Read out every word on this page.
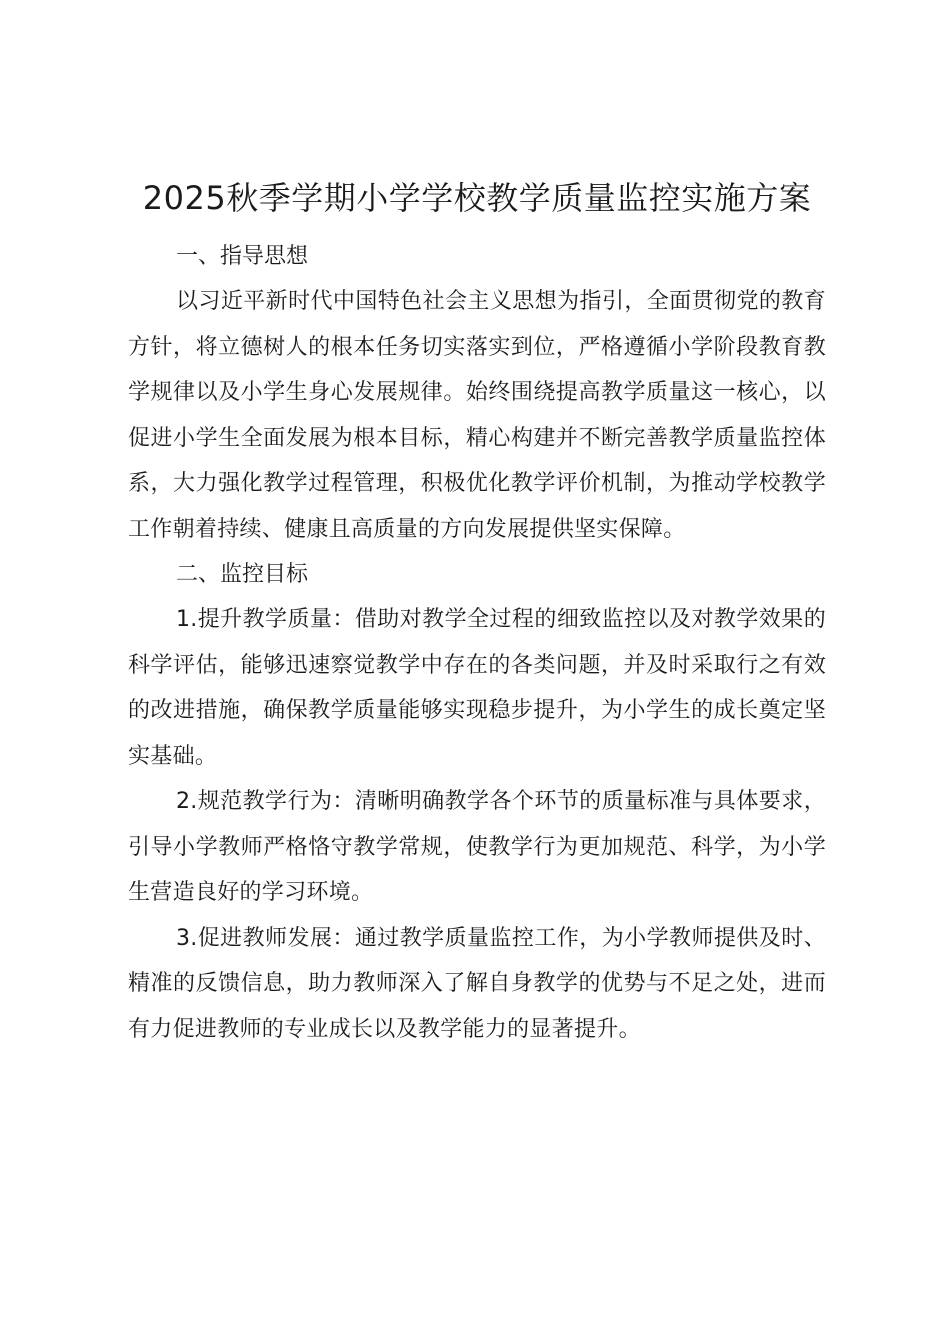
2025秋季学期小学学校教学质量监控实施方案
一、指导思想

以习近平新时代中国特色社会主义思想为指引，全面贯彻党的教育方针，将立德树人的根本任务切实落实到位，严格遵循小学阶段教育教学规律以及小学生身心发展规律。始终围绕提高教学质量这一核心，以促进小学生全面发展为根本目标，精心构建并不断完善教学质量监控体系，大力强化教学过程管理，积极优化教学评价机制，为推动学校教学工作朝着持续、健康且高质量的方向发展提供坚实保障。

二、监控目标

1.提升教学质量：借助对教学全过程的细致监控以及对教学效果的科学评估，能够迅速察觉教学中存在的各类问题，并及时采取行之有效的改进措施，确保教学质量能够实现稳步提升，为小学生的成长奠定坚实基础。

2.规范教学行为：清晰明确教学各个环节的质量标准与具体要求，引导小学教师严格恪守教学常规，使教学行为更加规范、科学，为小学生营造良好的学习环境。

3.促进教师发展：通过教学质量监控工作，为小学教师提供及时、精准的反馈信息，助力教师深入了解自身教学的优势与不足之处，进而有力促进教师的专业成长以及教学能力的显著提升。
